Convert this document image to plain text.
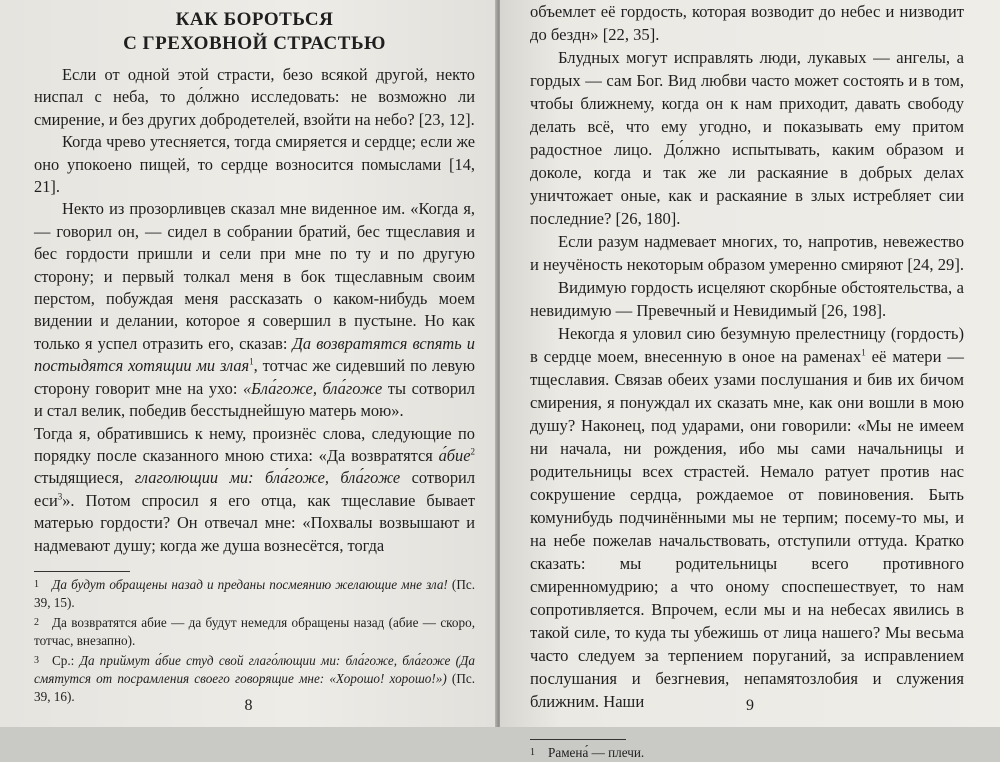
КАК БОРОТЬСЯ
С ГРЕХОВНОЙ СТРАСТЬЮ

Если от одной этой страсти, безо всякой другой, некто ниспал с неба, то до́лжно исследовать: не возможно ли смирение, и без других добродетелей, взойти на небо? [23, 12].

Когда чрево утесняется, тогда смиряется и сердце; если же оно упокоено пищей, то сердце возносится помыслами [14, 21].

Некто из прозорливцев сказал мне виденное им. «Когда я, — говорил он, — сидел в собрании братий, бес тщеславия и бес гордости пришли и сели при мне по ту и по другую сторону; и первый толкал меня в бок тщеславным своим перстом, побуждая меня рассказать о каком-нибудь моем видении и делании, которое я совершил в пустыне. Но как только я успел отразить его, сказав: Да возвратятся вспять и постыдятся хотящии ми злая$^1$, тотчас же сидевший по левую сторону говорит мне на ухо: «Бла́гоже, бла́гоже ты сотворил и стал велик, победив бесстыднейшую матерь мою».

Тогда я, обратившись к нему, произнёс слова, следующие по порядку после сказанного мною стиха: «Да возвратятся а́бие$^2$ стыдящиеся, глаголющии ми: бла́гоже, бла́гоже сотворил еси$^3$». Потом спросил я его отца, как тщеславие бывает матерью гордости? Он отвечал мне: «Похвалы возвышают и надмевают душу; когда же душа вознесётся, тогда

1 Да будут обращены назад и преданы посмеянию желающие мне зла! (Пс. 39, 15).
2 Да возвратятся абие — да будут немедля обращены назад (абие — скоро, тотчас, внезапно).
3 Ср.: Да приймут а́бие студ свой глаго́лющии ми: бла́гоже, бла́гоже (Да смятутся от посрамления своего говорящие мне: «Хорошо! хорошо!») (Пс. 39, 16).
8

объемлет её гордость, которая возводит до небес и низводит до бездн» [22, 35].

Блудных могут исправлять люди, лукавых — ангелы, а гордых — сам Бог. Вид любви часто может состоять и в том, чтобы ближнему, когда он к нам приходит, давать свободу делать всё, что ему угодно, и показывать ему притом радостное лицо. До́лжно испытывать, каким образом и доколе, когда и так же ли раскаяние в добрых делах уничтожает оные, как и раскаяние в злых истребляет сии последние? [26, 180].

Если разум надмевает многих, то, напротив, невежество и неучёность некоторым образом умеренно смиряют [24, 29].

Видимую гордость исцеляют скорбные обстоятельства, а невидимую — Превечный и Невидимый [26, 198].

Некогда я уловил сию безумную прелестницу (гордость) в сердце моем, внесенную в оное на раменах$^1$ её матери — тщеславия. Связав обеих узами послушания и бив их бичом смирения, я понуждал их сказать мне, как они вошли в мою душу? Наконец, под ударами, они говорили: «Мы не имеем ни начала, ни рождения, ибо мы сами начальницы и родительницы всех страстей. Немало ратует против нас сокрушение сердца, рождаемое от повиновения. Быть комунибудь подчинёнными мы не терпим; посему-то мы, и на небе пожелав начальствовать, отступили оттуда. Кратко сказать: мы родительницы всего противного смиренномудрию; а что оному споспешествует, то нам сопротивляется. Впрочем, если мы и на небесах явились в такой силе, то куда ты убежишь от лица нашего? Мы весьма часто следуем за терпением поруганий, за исправлением послушания и безгневия, непамятозлобия и служения ближним. Наши

1 Рамена́ — плечи.
9
